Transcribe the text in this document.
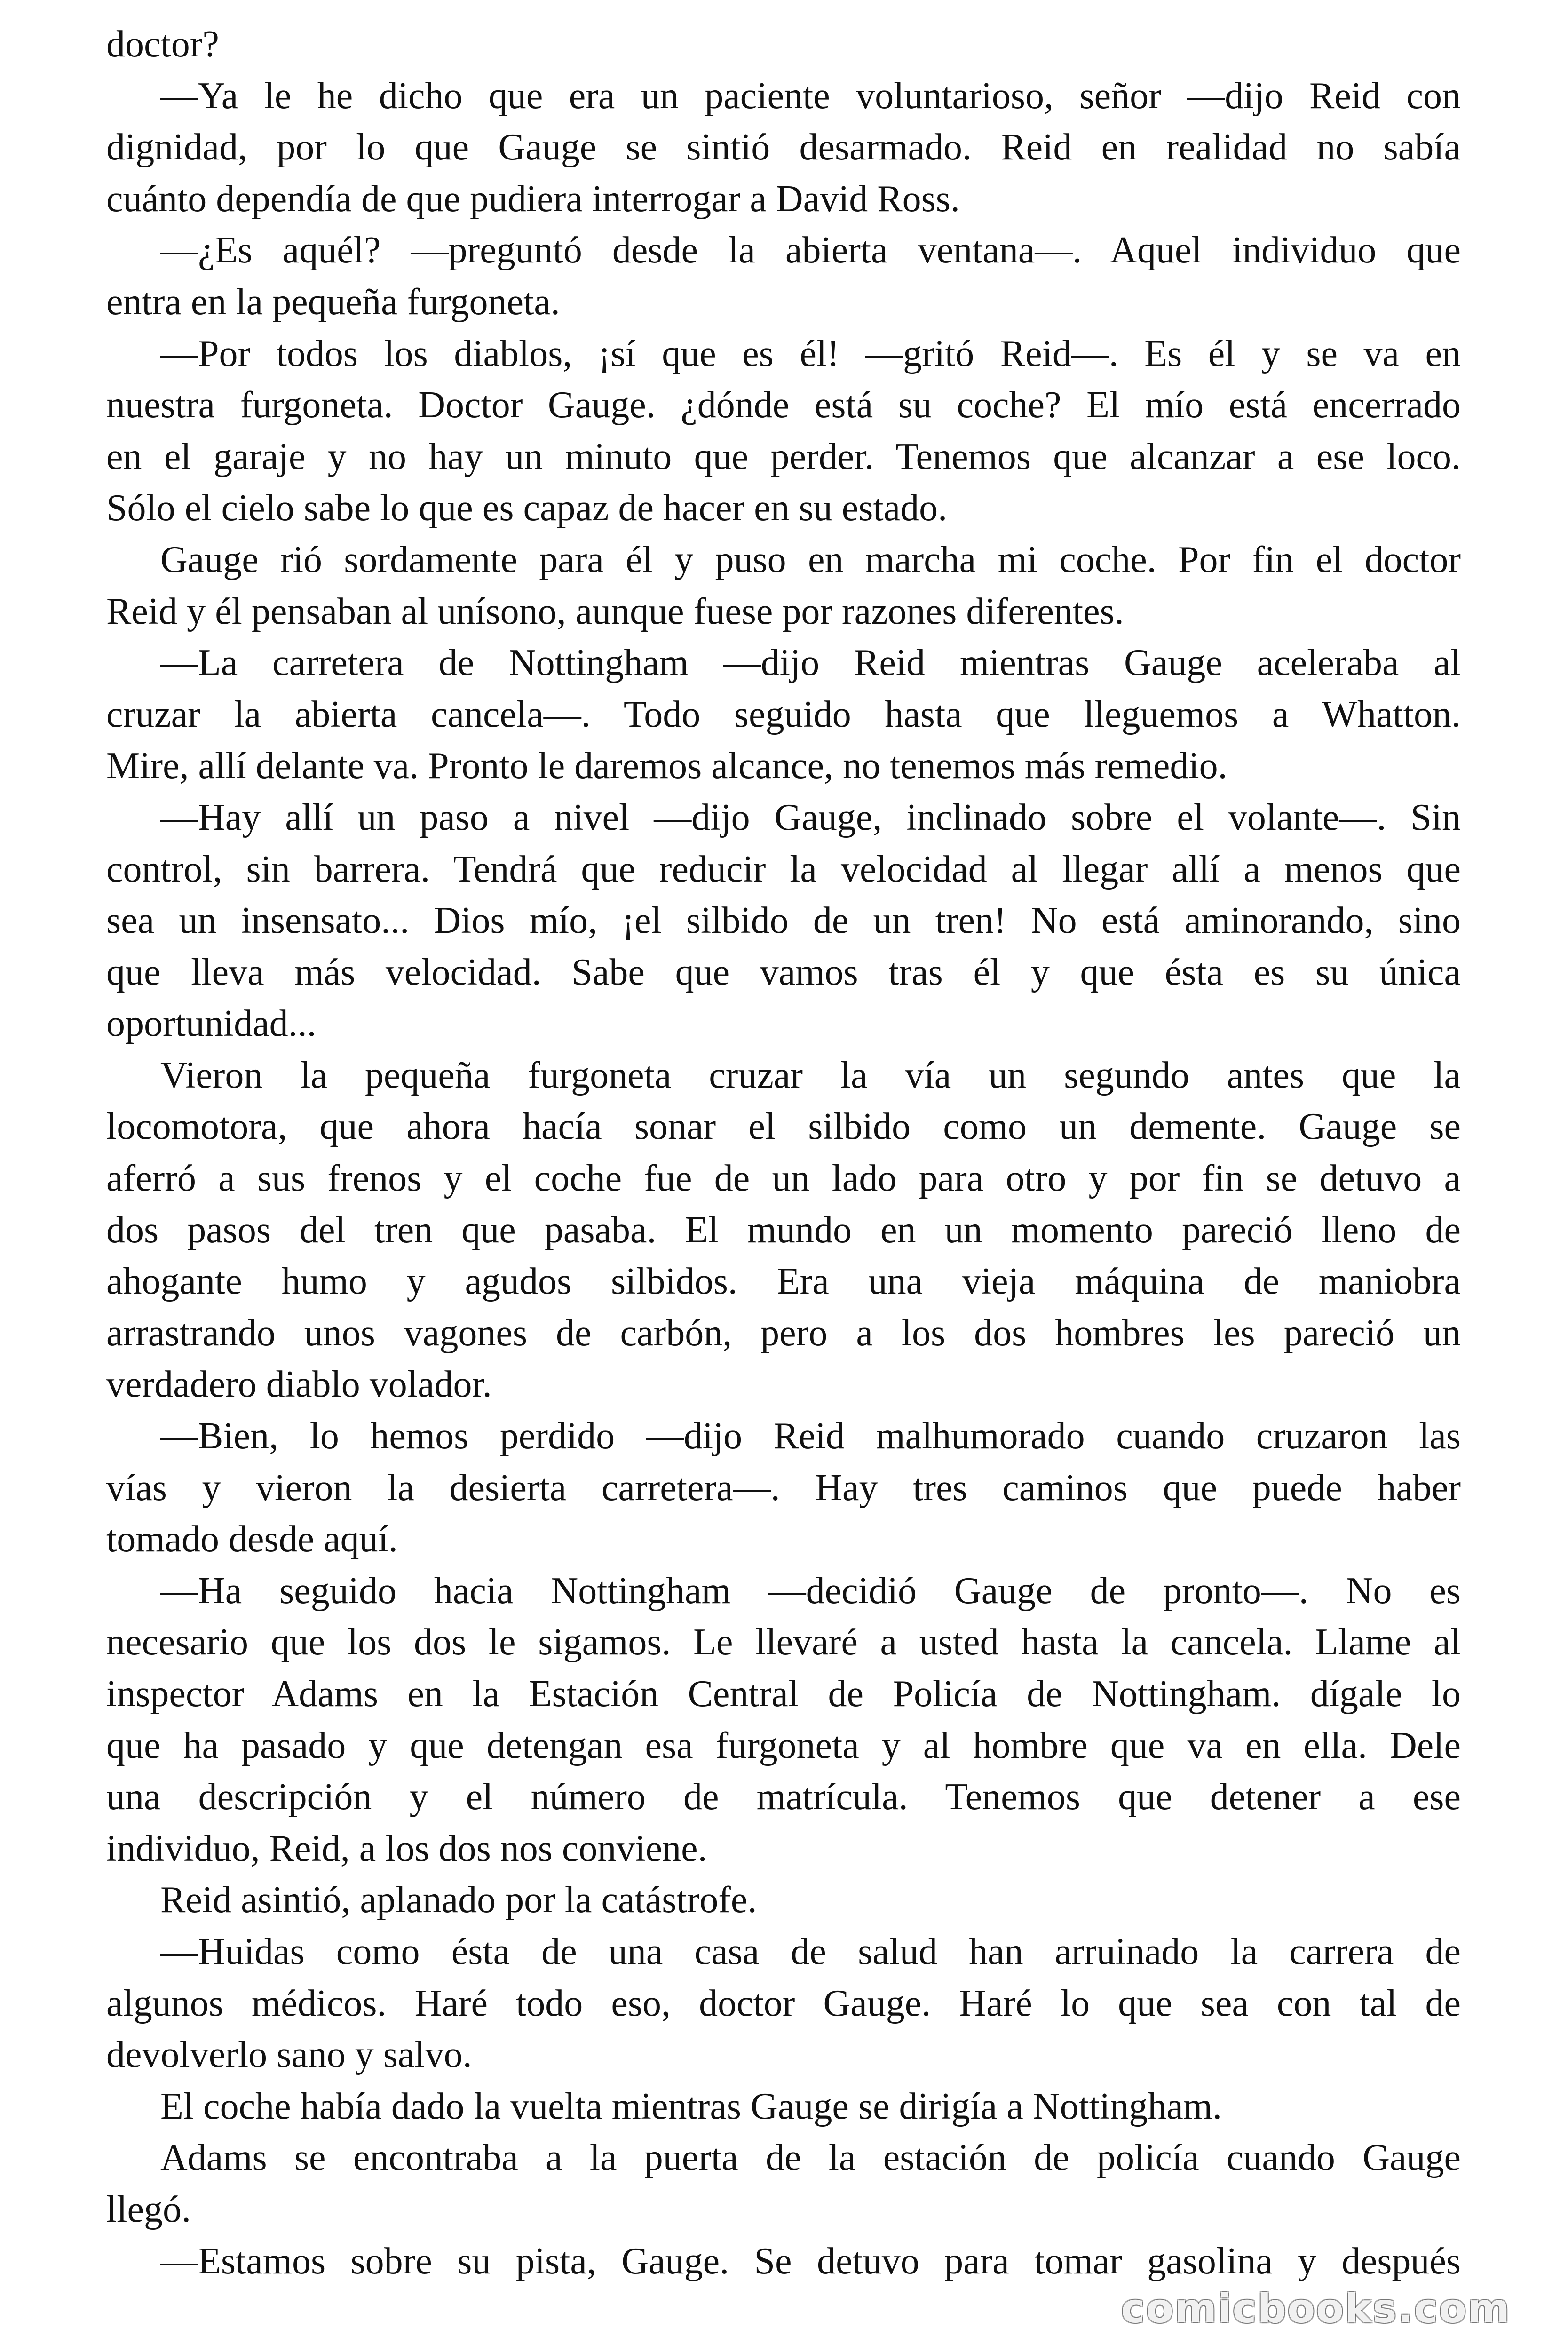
doctor?
—Ya le he dicho que era un paciente voluntarioso, señor —dijo Reid con
dignidad, por lo que Gauge se sintió desarmado. Reid en realidad no sabía
cuánto dependía de que pudiera interrogar a David Ross.
—¿Es aquél? —preguntó desde la abierta ventana—. Aquel individuo que
entra en la pequeña furgoneta.
—Por todos los diablos, ¡sí que es él! —gritó Reid—. Es él y se va en
nuestra furgoneta. Doctor Gauge. ¿dónde está su coche? El mío está encerrado
en el garaje y no hay un minuto que perder. Tenemos que alcanzar a ese loco.
Sólo el cielo sabe lo que es capaz de hacer en su estado.
Gauge rió sordamente para él y puso en marcha mi coche. Por fin el doctor
Reid y él pensaban al unísono, aunque fuese por razones diferentes.
—La carretera de Nottingham —dijo Reid mientras Gauge aceleraba al
cruzar la abierta cancela—. Todo seguido hasta que lleguemos a Whatton.
Mire, allí delante va. Pronto le daremos alcance, no tenemos más remedio.
—Hay allí un paso a nivel —dijo Gauge, inclinado sobre el volante—. Sin
control, sin barrera. Tendrá que reducir la velocidad al llegar allí a menos que
sea un insensato... Dios mío, ¡el silbido de un tren! No está aminorando, sino
que lleva más velocidad. Sabe que vamos tras él y que ésta es su única
oportunidad...
Vieron la pequeña furgoneta cruzar la vía un segundo antes que la
locomotora, que ahora hacía sonar el silbido como un demente. Gauge se
aferró a sus frenos y el coche fue de un lado para otro y por fin se detuvo a
dos pasos del tren que pasaba. El mundo en un momento pareció lleno de
ahogante humo y agudos silbidos. Era una vieja máquina de maniobra
arrastrando unos vagones de carbón, pero a los dos hombres les pareció un
verdadero diablo volador.
—Bien, lo hemos perdido —dijo Reid malhumorado cuando cruzaron las
vías y vieron la desierta carretera—. Hay tres caminos que puede haber
tomado desde aquí.
—Ha seguido hacia Nottingham —decidió Gauge de pronto—. No es
necesario que los dos le sigamos. Le llevaré a usted hasta la cancela. Llame al
inspector Adams en la Estación Central de Policía de Nottingham. dígale lo
que ha pasado y que detengan esa furgoneta y al hombre que va en ella. Dele
una descripción y el número de matrícula. Tenemos que detener a ese
individuo, Reid, a los dos nos conviene.
Reid asintió, aplanado por la catástrofe.
—Huidas como ésta de una casa de salud han arruinado la carrera de
algunos médicos. Haré todo eso, doctor Gauge. Haré lo que sea con tal de
devolverlo sano y salvo.
El coche había dado la vuelta mientras Gauge se dirigía a Nottingham.
Adams se encontraba a la puerta de la estación de policía cuando Gauge
llegó.
—Estamos sobre su pista, Gauge. Se detuvo para tomar gasolina y después
comicbooks.com
